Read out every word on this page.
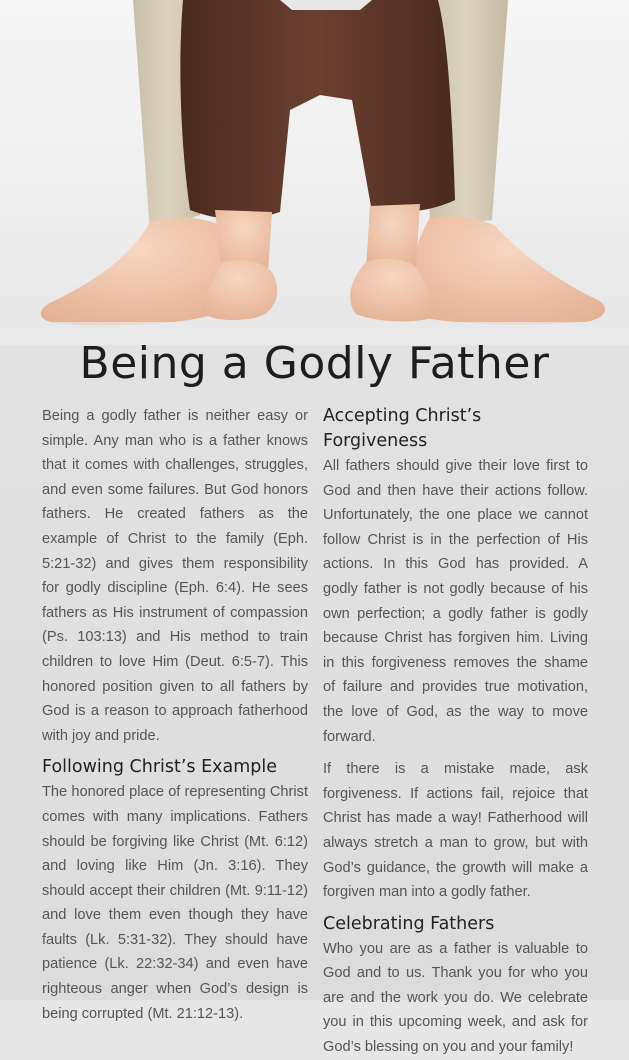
Being a Godly Father

Being a godly father is neither easy or simple. Any man who is a father knows that it comes with challenges, struggles, and even some failures. But God honors fathers. He created fathers as the example of Christ to the family (Eph. 5:21-32) and gives them responsibility for godly discipline (Eph. 6:4). He sees fathers as His instrument of compassion (Ps. 103:13) and His method to train children to love Him (Deut. 6:5-7). This honored position given to all fathers by God is a reason to approach fatherhood with joy and pride.

Following Christ’s Example

The honored place of representing Christ comes with many implications. Fathers should be forgiving like Christ (Mt. 6:12) and loving like Him (Jn. 3:16). They should accept their children (Mt. 9:11-12) and love them even though they have faults (Lk. 5:31-32). They should have patience (Lk. 22:32-34) and even have righteous anger when God’s design is being corrupted (Mt. 21:12-13).

Accepting Christ’s Forgiveness

All fathers should give their love first to God and then have their actions follow. Unfortunately, the one place we cannot follow Christ is in the perfection of His actions. In this God has provided. A godly father is not godly because of his own perfection; a godly father is godly because Christ has forgiven him. Living in this forgiveness removes the shame of failure and provides true motivation, the love of God, as the way to move forward.

If there is a mistake made, ask forgiveness. If actions fail, rejoice that Christ has made a way! Fatherhood will always stretch a man to grow, but with God’s guidance, the growth will make a forgiven man into a godly father.

Celebrating Fathers

Who you are as a father is valuable to God and to us. Thank you for who you are and the work you do. We celebrate you in this upcoming week, and ask for God’s blessing on you and your family!
